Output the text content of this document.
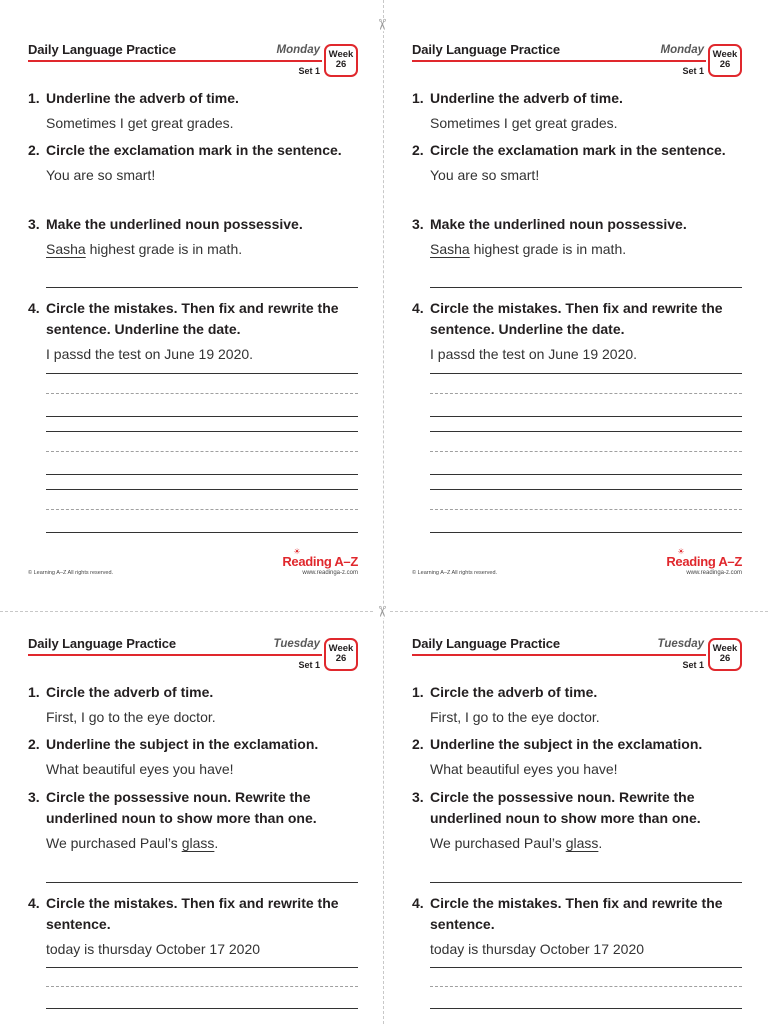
✂
✂
Daily Language Practice	Monday
Set 1
Week
26
1. Underline the adverb of time.
Sometimes I get great grades.
2. Circle the exclamation mark in the sentence.
You are so smart!
3. Make the underlined noun possessive.
Sasha highest grade is in math.
4. Circle the mistakes. Then fix and rewrite the sentence. Underline the date.
I passd the test on June 19 2020.
© Learning A–Z All rights reserved.
☀
Reading A–Z
www.readinga-z.com
Daily Language Practice	Monday
Set 1
Week
26
1. Underline the adverb of time.
Sometimes I get great grades.
2. Circle the exclamation mark in the sentence.
You are so smart!
3. Make the underlined noun possessive.
Sasha highest grade is in math.
4. Circle the mistakes. Then fix and rewrite the sentence. Underline the date.
I passd the test on June 19 2020.
© Learning A–Z All rights reserved.
☀
Reading A–Z
www.readinga-z.com
Daily Language Practice	Tuesday
Set 1
Week
26
1. Circle the adverb of time.
First, I go to the eye doctor.
2. Underline the subject in the exclamation.
What beautiful eyes you have!
3. Circle the possessive noun. Rewrite the underlined noun to show more than one.
We purchased Paul’s glass.
4. Circle the mistakes. Then fix and rewrite the sentence.
today is thursday October 17 2020
Daily Language Practice	Tuesday
Set 1
Week
26
1. Circle the adverb of time.
First, I go to the eye doctor.
2. Underline the subject in the exclamation.
What beautiful eyes you have!
3. Circle the possessive noun. Rewrite the underlined noun to show more than one.
We purchased Paul’s glass.
4. Circle the mistakes. Then fix and rewrite the sentence.
today is thursday October 17 2020
